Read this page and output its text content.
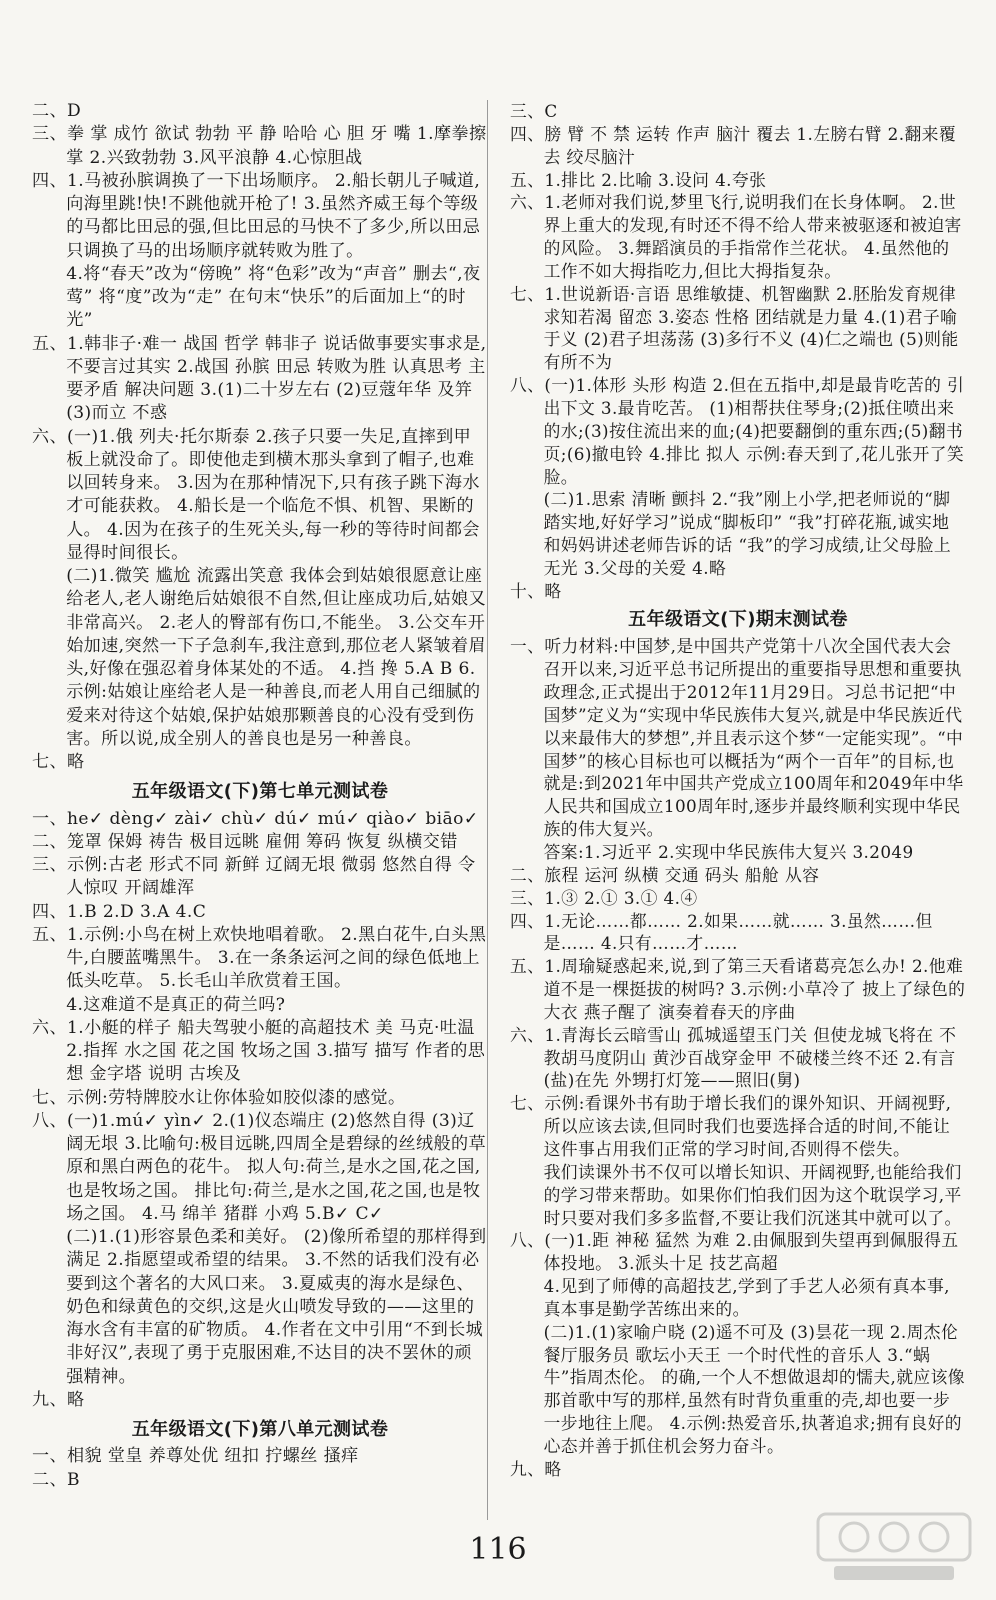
二、D

三、拳 掌 成竹 欲试 勃勃 平 静 哈哈 心 胆 牙 嘴 1.摩拳擦掌 2.兴致勃勃 3.风平浪静 4.心惊胆战

四、1.马被孙膑调换了一下出场顺序。 2.船长朝儿子喊道,向海里跳!快!不跳他就开枪了! 3.虽然齐威王每个等级的马都比田忌的强,但比田忌的马快不了多少,所以田忌只调换了马的出场顺序就转败为胜了。

4.将“春天”改为“傍晚” 将“色彩”改为“声音” 删去“,夜莺” 将“度”改为“走” 在句末“快乐”的后面加上“的时光”

五、1.韩非子·难一 战国 哲学 韩非子 说话做事要实事求是,不要言过其实 2.战国 孙膑 田忌 转败为胜 认真思考 主要矛盾 解决问题 3.(1)二十岁左右 (2)豆蔻年华 及笄 (3)而立 不惑

六、(一)1.俄 列夫·托尔斯泰 2.孩子只要一失足,直摔到甲板上就没命了。即使他走到横木那头拿到了帽子,也难以回转身来。 3.因为在那种情况下,只有孩子跳下海水才可能获救。 4.船长是一个临危不惧、机智、果断的人。 4.因为在孩子的生死关头,每一秒的等待时间都会显得时间很长。

(二)1.微笑 尴尬 流露出笑意 我体会到姑娘很愿意让座给老人,老人谢绝后姑娘很不自然,但让座成功后,姑娘又非常高兴。 2.老人的臀部有伤口,不能坐。 3.公交车开始加速,突然一下子急刹车,我注意到,那位老人紧皱着眉头,好像在强忍着身体某处的不适。 4.挡 搀 5.A B 6.示例:姑娘让座给老人是一种善良,而老人用自己细腻的爱来对待这个姑娘,保护姑娘那颗善良的心没有受到伤害。所以说,成全别人的善良也是另一种善良。

七、略

五年级语文(下)第七单元测试卷

一、he✓ dèng✓ zài✓ chù✓ dú✓ mú✓ qiào✓ biāo✓

二、笼罩 保姆 祷告 极目远眺 雇佣 筹码 恢复 纵横交错

三、示例:古老 形式不同 新鲜 辽阔无垠 微弱 悠然自得 令人惊叹 开阔雄浑

四、1.B 2.D 3.A 4.C

五、1.示例:小鸟在树上欢快地唱着歌。 2.黑白花牛,白头黑牛,白腰蓝嘴黑牛。 3.在一条条运河之间的绿色低地上低头吃草。 5.长毛山羊欣赏着王国。

4.这难道不是真正的荷兰吗?

六、1.小艇的样子 船夫驾驶小艇的高超技术 美 马克·吐温 2.指挥 水之国 花之国 牧场之国 3.描写 描写 作者的思想 金字塔 说明 古埃及

七、示例:劳特牌胶水让你体验如胶似漆的感觉。

八、(一)1.mú✓ yìn✓ 2.(1)仪态端庄 (2)悠然自得 (3)辽阔无垠 3.比喻句:极目远眺,四周全是碧绿的丝绒般的草原和黑白两色的花牛。 拟人句:荷兰,是水之国,花之国,也是牧场之国。 排比句:荷兰,是水之国,花之国,也是牧场之国。 4.马 绵羊 猪群 小鸡 5.B✓ C✓

(二)1.(1)形容景色柔和美好。 (2)像所希望的那样得到满足 2.指愿望或希望的结果。 3.不然的话我们没有必要到这个著名的大风口来。 3.夏威夷的海水是绿色、奶色和绿黄色的交织,这是火山喷发导致的——这里的海水含有丰富的矿物质。 4.作者在文中引用“不到长城非好汉”,表现了勇于克服困难,不达目的决不罢休的顽强精神。

九、略

五年级语文(下)第八单元测试卷

一、相貌 堂皇 养尊处优 纽扣 拧螺丝 搔痒

二、B

三、C

四、膀 臂 不 禁 运转 作声 脑汁 覆去 1.左膀右臂 2.翻来覆去 绞尽脑汁

五、1.排比 2.比喻 3.设问 4.夸张

六、1.老师对我们说,梦里飞行,说明我们在长身体啊。 2.世界上重大的发现,有时还不得不给人带来被驱逐和被迫害的风险。 3.舞蹈演员的手指常作兰花状。 4.虽然他的工作不如大拇指吃力,但比大拇指复杂。

七、1.世说新语·言语 思维敏捷、机智幽默 2.胚胎发育规律 求知若渴 留恋 3.姿态 性格 团结就是力量 4.(1)君子喻于义 (2)君子坦荡荡 (3)多行不义 (4)仁之端也 (5)则能有所不为

八、(一)1.体形 头形 构造 2.但在五指中,却是最肯吃苦的 引出下文 3.最肯吃苦。 (1)相帮扶住琴身;(2)抵住喷出来的水;(3)按住流出来的血;(4)把要翻倒的重东西;(5)翻书页;(6)撤电铃 4.排比 拟人 示例:春天到了,花儿张开了笑脸。

(二)1.思索 清晰 颤抖 2.“我”刚上小学,把老师说的“脚踏实地,好好学习”说成“脚板印” “我”打碎花瓶,诚实地和妈妈讲述老师告诉的话 “我”的学习成绩,让父母脸上无光 3.父母的关爱 4.略

十、略

五年级语文(下)期末测试卷

一、听力材料:中国梦,是中国共产党第十八次全国代表大会召开以来,习近平总书记所提出的重要指导思想和重要执政理念,正式提出于2012年11月29日。习总书记把“中国梦”定义为“实现中华民族伟大复兴,就是中华民族近代以来最伟大的梦想”,并且表示这个梦“一定能实现”。“中国梦”的核心目标也可以概括为“两个一百年”的目标,也就是:到2021年中国共产党成立100周年和2049年中华人民共和国成立100周年时,逐步并最终顺利实现中华民族的伟大复兴。

答案:1.习近平 2.实现中华民族伟大复兴 3.2049

二、旅程 运河 纵横 交通 码头 船舱 从容

三、1.③ 2.① 3.① 4.④

四、1.无论……都…… 2.如果……就…… 3.虽然……但是…… 4.只有……才……

五、1.周瑜疑惑起来,说,到了第三天看诸葛亮怎么办! 2.他难道不是一棵挺拔的树吗? 3.示例:小草冷了 披上了绿色的大衣 燕子醒了 演奏着春天的序曲

六、1.青海长云暗雪山 孤城遥望玉门关 但使龙城飞将在 不教胡马度阴山 黄沙百战穿金甲 不破楼兰终不还 2.有言(盐)在先 外甥打灯笼——照旧(舅)

七、示例:看课外书有助于增长我们的课外知识、开阔视野,所以应该去读,但同时我们也要选择合适的时间,不能让这件事占用我们正常的学习时间,否则得不偿失。

我们读课外书不仅可以增长知识、开阔视野,也能给我们的学习带来帮助。如果你们怕我们因为这个耽误学习,平时只要对我们多多监督,不要让我们沉迷其中就可以了。

八、(一)1.距 神秘 猛然 为难 2.由佩服到失望再到佩服得五体投地。 3.派头十足 技艺高超

4.见到了师傅的高超技艺,学到了手艺人必须有真本事,真本事是勤学苦练出来的。

(二)1.(1)家喻户晓 (2)遥不可及 (3)昙花一现 2.周杰伦 餐厅服务员 歌坛小天王 一个时代性的音乐人 3.“蜗牛”指周杰伦。 的确,一个人不想做退却的懦夫,就应该像那首歌中写的那样,虽然有时背负重重的壳,却也要一步一步地往上爬。 4.示例:热爱音乐,执著追求;拥有良好的心态并善于抓住机会努力奋斗。

九、略

116
